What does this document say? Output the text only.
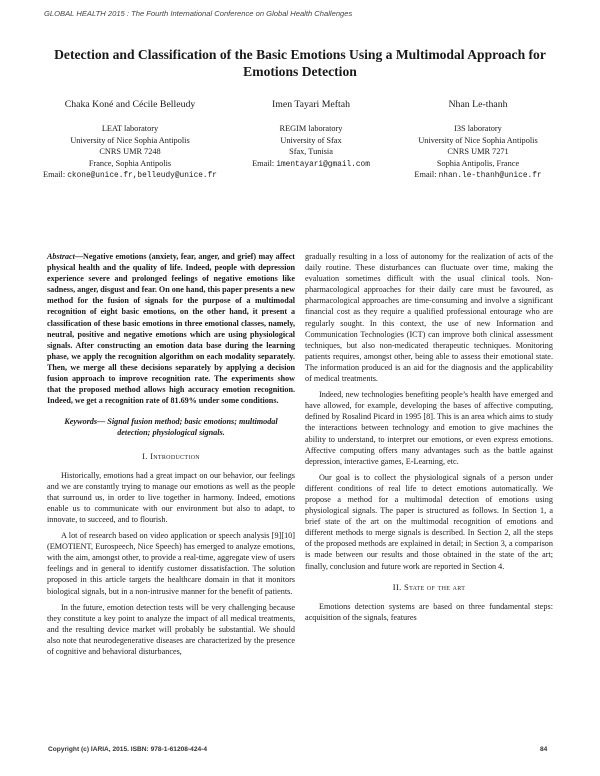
GLOBAL HEALTH 2015 : The Fourth International Conference on Global Health Challenges
Detection and Classification of the Basic Emotions Using a Multimodal Approach for Emotions Detection
Chaka Koné and Cécile Belleudy
LEAT laboratory
University of Nice Sophia Antipolis
CNRS UMR 7248
France, Sophia Antipolis
Email: ckone@unice.fr,belleudy@unice.fr
Imen Tayari Meftah
REGIM laboratory
University of Sfax
Sfax, Tunisia
Email: imentayari@gmail.com
Nhan Le-thanh
I3S laboratory
University of Nice Sophia Antipolis
CNRS UMR 7271
Sophia Antipolis, France
Email: nhan.le-thanh@unice.fr

Abstract—Negative emotions (anxiety, fear, anger, and grief) may affect physical health and the quality of life. Indeed, people with depression experience severe and prolonged feelings of negative emotions like sadness, anger, disgust and fear. On one hand, this paper presents a new method for the fusion of signals for the purpose of a multimodal recognition of eight basic emotions, on the other hand, it present a classification of these basic emotions in three emotional classes, namely, neutral, positive and negative emotions which are using physiological signals. After constructing an emotion data base during the learning phase, we apply the recognition algorithm on each modality separately. Then, we merge all these decisions separately by applying a decision fusion approach to improve recognition rate. The experiments show that the proposed method allows high accuracy emotion recognition. Indeed, we get a recognition rate of 81.69% under some conditions.

Keywords— Signal fusion method; basic emotions; multimodal detection; physiological signals.

I. Introduction

Historically, emotions had a great impact on our behavior, our feelings and we are constantly trying to manage our emotions as well as the people that surround us, in order to live together in harmony. Indeed, emotions enable us to communicate with our environment but also to adapt, to innovate, to succeed, and to flourish.

A lot of research based on video application or speech analysis [9][10] (EMOTIENT, Eurospeech, Nice Speech) has emerged to analyze emotions, with the aim, amongst other, to provide a real-time, aggregate view of users feelings and in general to identify customer dissatisfaction. The solution proposed in this article targets the healthcare domain in that it monitors biological signals, but in a non-intrusive manner for the benefit of patients.

In the future, emotion detection tests will be very challenging because they constitute a key point to analyze the impact of all medical treatments, and the resulting device market will probably be substantial. We should also note that neurodegenerative diseases are characterized by the presence of cognitive and behavioral disturbances,

gradually resulting in a loss of autonomy for the realization of acts of the daily routine. These disturbances can fluctuate over time, making the evaluation sometimes difficult with the usual clinical tools. Non-pharmacological approaches for their daily care must be favoured, as pharmacological approaches are time-consuming and involve a significant financial cost as they require a qualified professional entourage who are regularly sought. In this context, the use of new Information and Communication Technologies (ICT) can improve both clinical assessment techniques, but also non-medicated therapeutic techniques. Monitoring patients requires, amongst other, being able to assess their emotional state. The information produced is an aid for the diagnosis and the applicability of medical treatments.

Indeed, new technologies benefiting people’s health have emerged and have allowed, for example, developing the bases of affective computing, defined by Rosalind Picard in 1995 [8]. This is an area which aims to study the interactions between technology and emotion to give machines the ability to understand, to interpret our emotions, or even express emotions. Affective computing offers many advantages such as the battle against depression, interactive games, E-Learning, etc.

Our goal is to collect the physiological signals of a person under different conditions of real life to detect emotions automatically. We propose a method for a multimodal detection of emotions using physiological signals. The paper is structured as follows. In Section 1, a brief state of the art on the multimodal recognition of emotions and different methods to merge signals is described. In Section 2, all the steps of the proposed methods are explained in detail; in Section 3, a comparison is made between our results and those obtained in the state of the art; finally, conclusion and future work are reported in Section 4.

II. State of the art

Emotions detection systems are based on three fundamental steps: acquisition of the signals, features

Copyright (c) IARIA, 2015. ISBN: 978-1-61208-424-4	84
